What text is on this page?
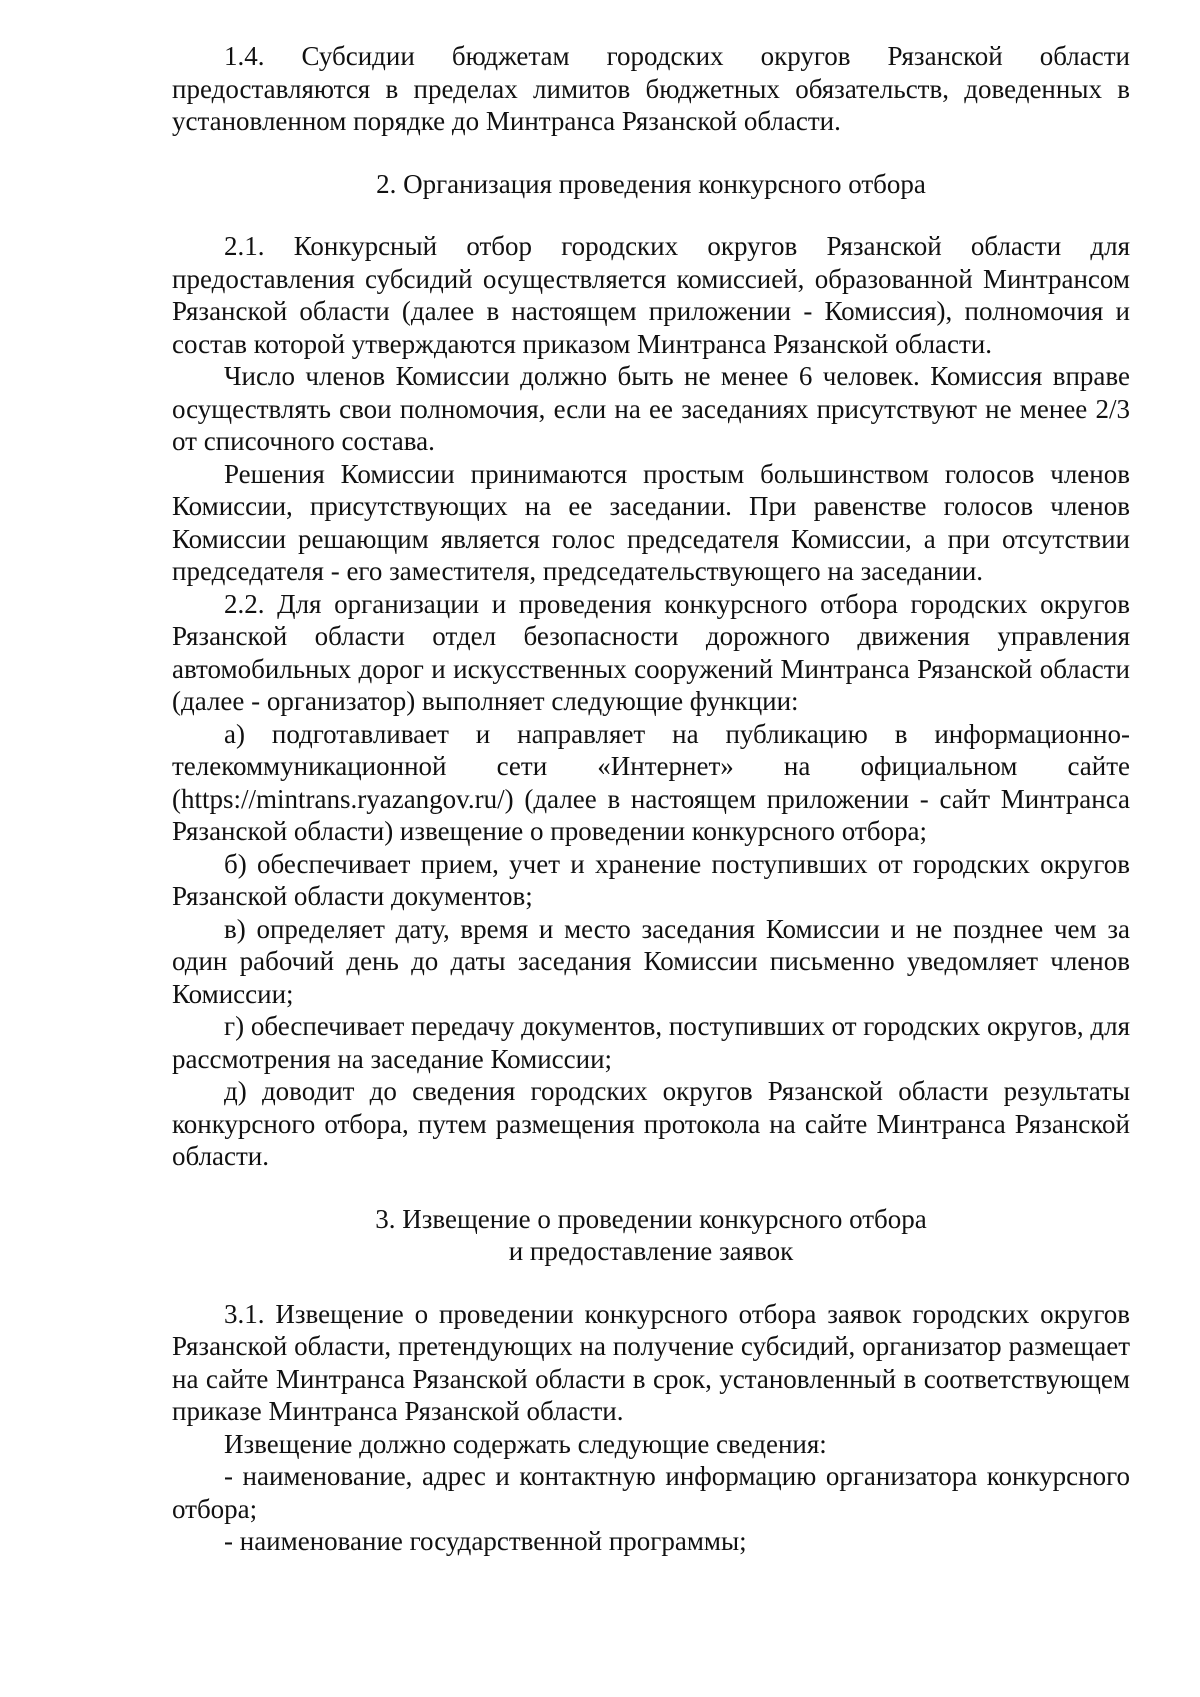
1.4. Субсидии бюджетам городских округов Рязанской области предоставляются в пределах лимитов бюджетных обязательств, доведенных в установленном порядке до Минтранса Рязанской области.

2. Организация проведения конкурсного отбора

2.1. Конкурсный отбор городских округов Рязанской области для предоставления субсидий осуществляется комиссией, образованной Минтрансом Рязанской области (далее в настоящем приложении - Комиссия), полномочия и состав которой утверждаются приказом Минтранса Рязанской области.

Число членов Комиссии должно быть не менее 6 человек. Комиссия вправе осуществлять свои полномочия, если на ее заседаниях присутствуют не менее 2/3 от списочного состава.

Решения Комиссии принимаются простым большинством голосов членов Комиссии, присутствующих на ее заседании. При равенстве голосов членов Комиссии решающим является голос председателя Комиссии, а при отсутствии председателя - его заместителя, председательствующего на заседании.

2.2. Для организации и проведения конкурсного отбора городских округов Рязанской области отдел безопасности дорожного движения управления автомобильных дорог и искусственных сооружений Минтранса Рязанской области (далее - организатор) выполняет следующие функции:

а) подготавливает и направляет на публикацию в информационно-телекоммуникационной сети «Интернет» на официальном сайте (https://mintrans.ryazangov.ru/) (далее в настоящем приложении - сайт Минтранса Рязанской области) извещение о проведении конкурсного отбора;

б) обеспечивает прием, учет и хранение поступивших от городских округов Рязанской области документов;

в) определяет дату, время и место заседания Комиссии и не позднее чем за один рабочий день до даты заседания Комиссии письменно уведомляет членов Комиссии;

г) обеспечивает передачу документов, поступивших от городских округов, для рассмотрения на заседание Комиссии;

д) доводит до сведения городских округов Рязанской области результаты конкурсного отбора, путем размещения протокола на сайте Минтранса Рязанской области.

3. Извещение о проведении конкурсного отбора
и предоставление заявок

3.1. Извещение о проведении конкурсного отбора заявок городских округов Рязанской области, претендующих на получение субсидий, организатор размещает на сайте Минтранса Рязанской области в срок, установленный в соответствующем приказе Минтранса Рязанской области.

Извещение должно содержать следующие сведения:

- наименование, адрес и контактную информацию организатора конкурсного отбора;

- наименование государственной программы;
